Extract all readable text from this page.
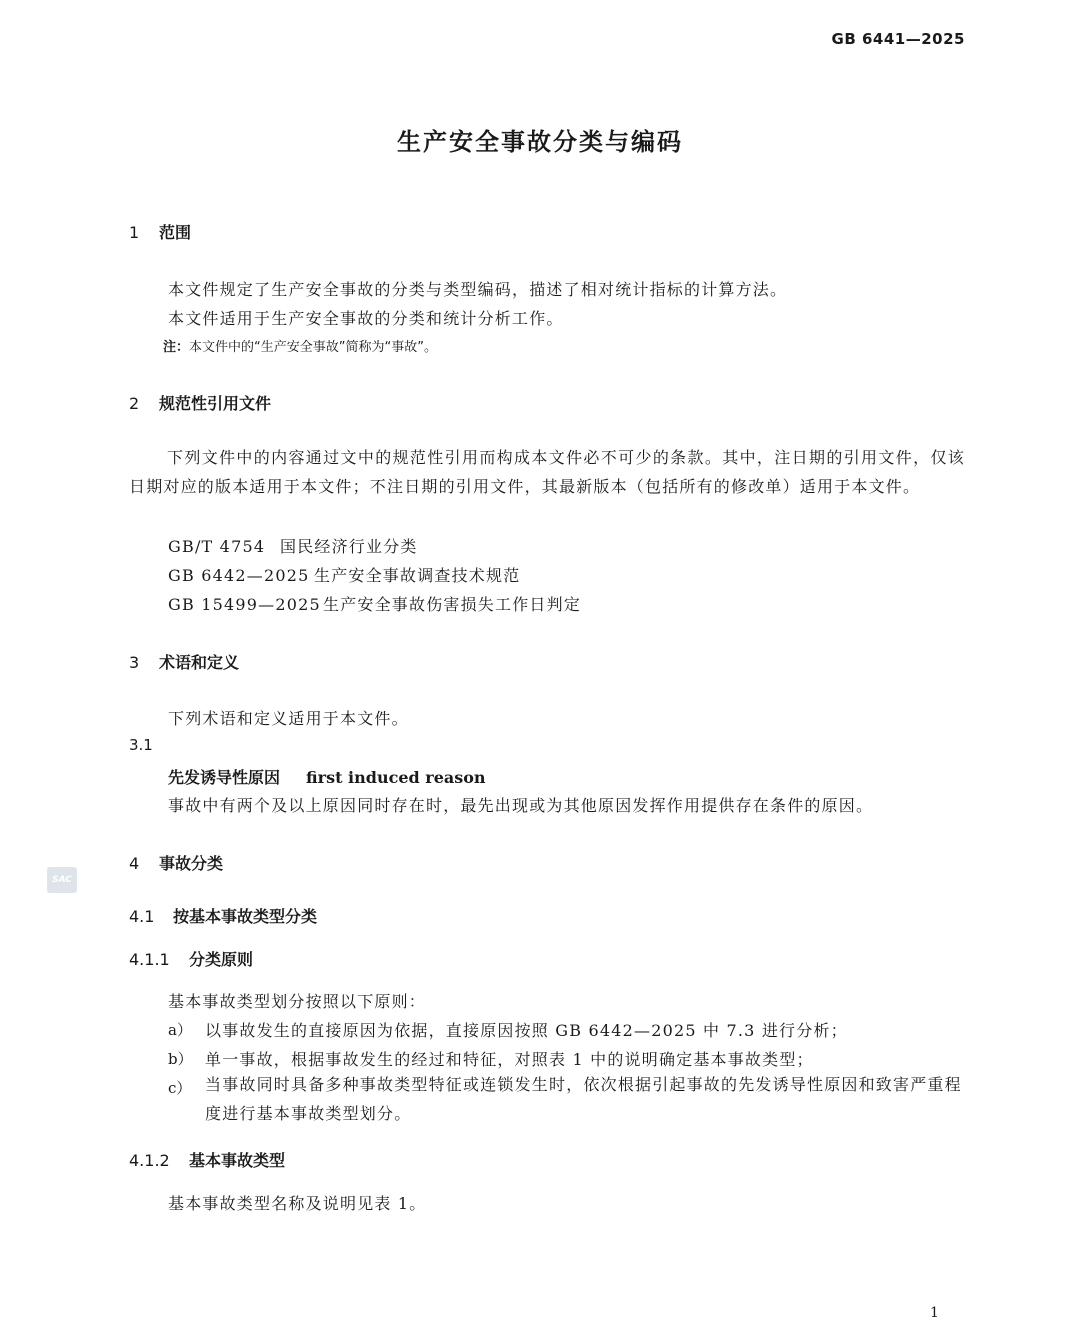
GB 6441—2025
生产安全事故分类与编码
1 范围
本文件规定了生产安全事故的分类与类型编码，描述了相对统计指标的计算方法。
本文件适用于生产安全事故的分类和统计分析工作。
注：本文件中的“生产安全事故”简称为“事故”。
2 规范性引用文件
下列文件中的内容通过文中的规范性引用而构成本文件必不可少的条款。其中，注日期的引用文件，仅该日期对应的版本适用于本文件；不注日期的引用文件，其最新版本（包括所有的修改单）适用于本文件。
GB/T 4754 国民经济行业分类
GB 6442—2025 生产安全事故调查技术规范
GB 15499—2025 生产安全事故伤害损失工作日判定
3 术语和定义
下列术语和定义适用于本文件。
3.1
先发诱导性原因 first induced reason
事故中有两个及以上原因同时存在时，最先出现或为其他原因发挥作用提供存在条件的原因。
4 事故分类
4.1 按基本事故类型分类
4.1.1 分类原则
基本事故类型划分按照以下原则：
a） 以事故发生的直接原因为依据，直接原因按照 GB 6442—2025 中 7.3 进行分析；
b） 单一事故，根据事故发生的经过和特征，对照表 1 中的说明确定基本事故类型；
c） 当事故同时具备多种事故类型特征或连锁发生时，依次根据引起事故的先发诱导性原因和致害严重程度进行基本事故类型划分。
4.1.2 基本事故类型
基本事故类型名称及说明见表 1。
SAC
1
